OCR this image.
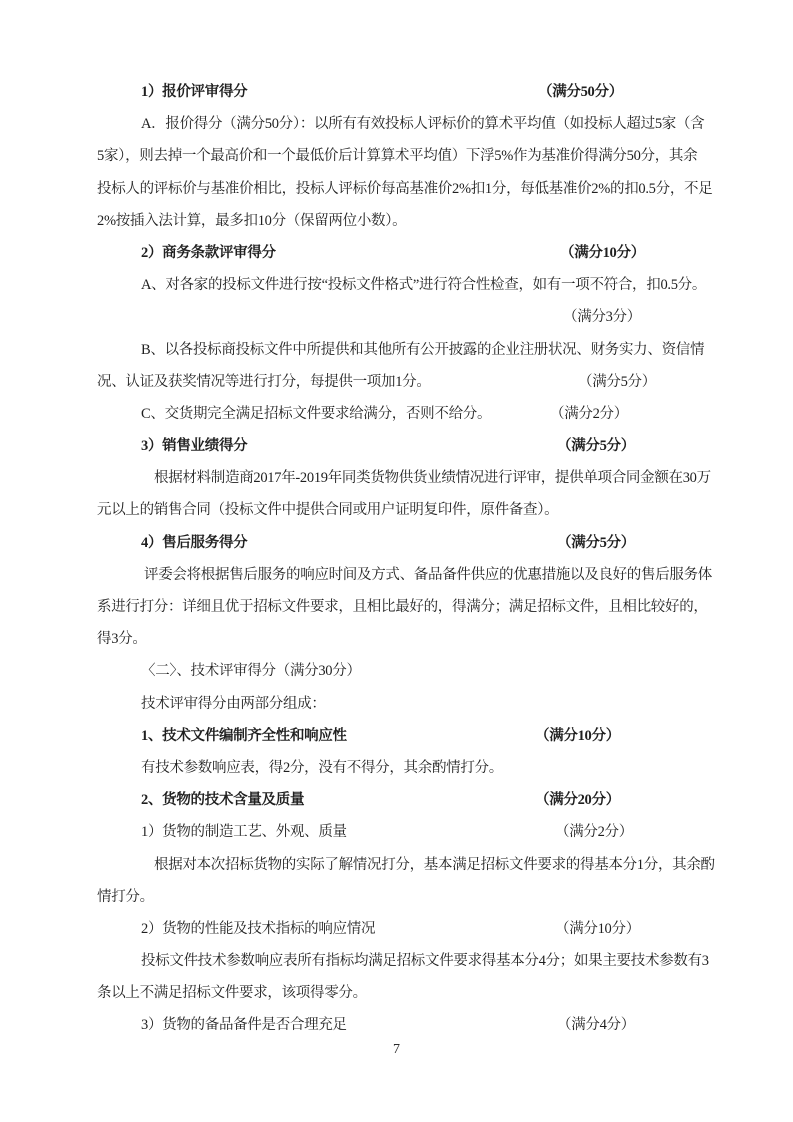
1）报价评审得分	（满分50分）
A．报价得分（满分50分）：以所有有效投标人评标价的算术平均值（如投标人超过5家（含
5家），则去掉一个最高价和一个最低价后计算算术平均值）下浮5%作为基准价得满分50分，其余
投标人的评标价与基准价相比，投标人评标价每高基准价2%扣1分，每低基准价2%的扣0.5分，不足
2%按插入法计算，最多扣10分（保留两位小数）。
2）商务条款评审得分	（满分10分）
A、对各家的投标文件进行按“投标文件格式”进行符合性检查，如有一项不符合，扣0.5分。
（满分3分）
B、以各投标商投标文件中所提供和其他所有公开披露的企业注册状况、财务实力、资信情
况、认证及获奖情况等进行打分，每提供一项加1分。	（满分5分）
C、交货期完全满足招标文件要求给满分，否则不给分。	（满分2分）
3）销售业绩得分	（满分5分）
根据材料制造商2017年-2019年同类货物供货业绩情况进行评审，提供单项合同金额在30万
元以上的销售合同（投标文件中提供合同或用户证明复印件，原件备查）。
4）售后服务得分	（满分5分）
评委会将根据售后服务的响应时间及方式、备品备件供应的优惠措施以及良好的售后服务体
系进行打分：详细且优于招标文件要求，且相比最好的，得满分；满足招标文件，且相比较好的，
得3分。
〈二〉、技术评审得分（满分30分）
技术评审得分由两部分组成：
1、技术文件编制齐全性和响应性	（满分10分）
有技术参数响应表，得2分，没有不得分，其余酌情打分。
2、货物的技术含量及质量	（满分20分）
1）货物的制造工艺、外观、质量	（满分2分）
根据对本次招标货物的实际了解情况打分，基本满足招标文件要求的得基本分1分，其余酌
情打分。
2）货物的性能及技术指标的响应情况	（满分10分）
投标文件技术参数响应表所有指标均满足招标文件要求得基本分4分；如果主要技术参数有3
条以上不满足招标文件要求，该项得零分。
3）货物的备品备件是否合理充足	（满分4分）
7
